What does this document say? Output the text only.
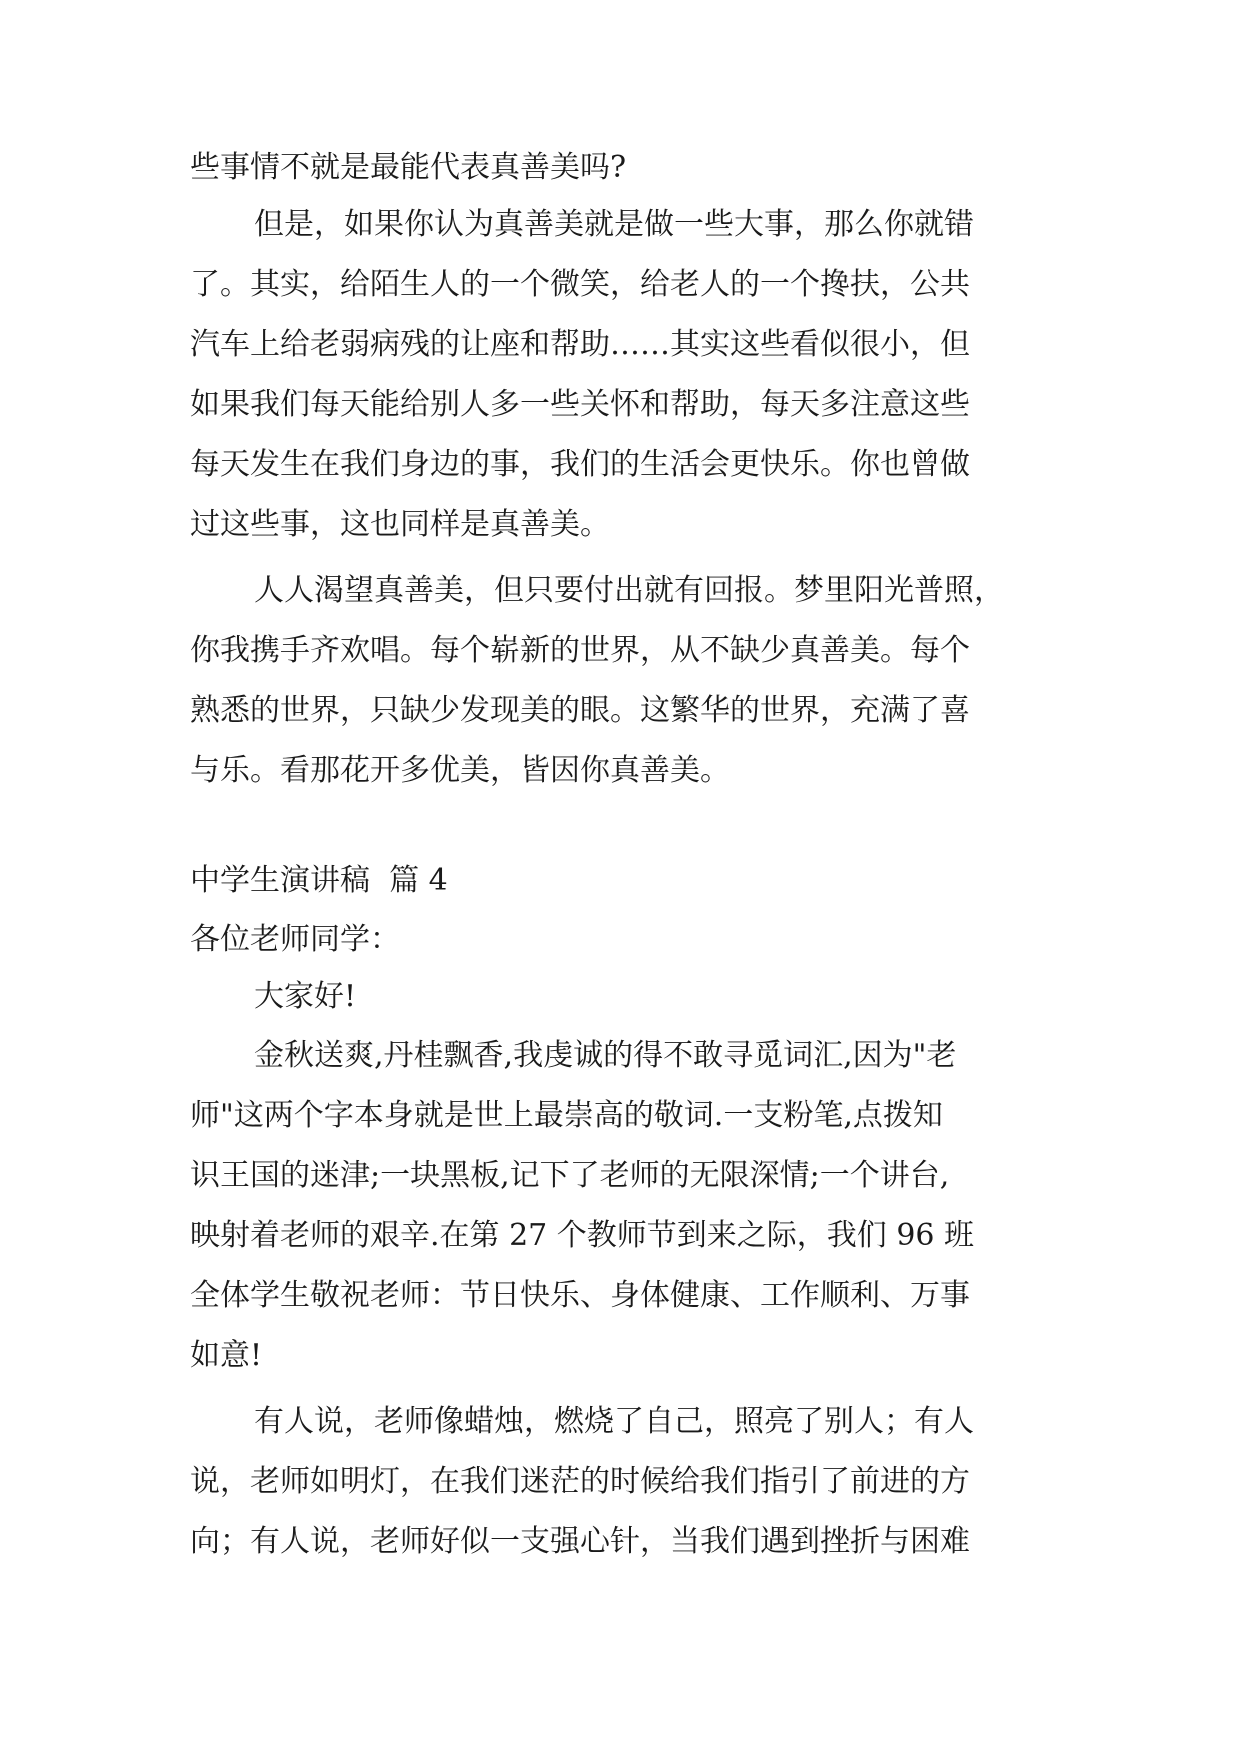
些事情不就是最能代表真善美吗?

但是，如果你认为真善美就是做一些大事，那么你就错
了。其实，给陌生人的一个微笑，给老人的一个搀扶，公共
汽车上给老弱病残的让座和帮助……其实这些看似很小，但
如果我们每天能给别人多一些关怀和帮助，每天多注意这些
每天发生在我们身边的事，我们的生活会更快乐。你也曾做
过这些事，这也同样是真善美。

人人渴望真善美，但只要付出就有回报。梦里阳光普照，
你我携手齐欢唱。每个崭新的世界，从不缺少真善美。每个
熟悉的世界，只缺少发现美的眼。这繁华的世界，充满了喜
与乐。看那花开多优美，皆因你真善美。

中学生演讲稿  篇 4

各位老师同学：

大家好!

金秋送爽,丹桂飘香,我虔诚的得不敢寻觅词汇,因为"老
师"这两个字本身就是世上最崇高的敬词.一支粉笔,点拨知
识王国的迷津;一块黑板,记下了老师的无限深情;一个讲台,
映射着老师的艰辛.在第 27 个教师节到来之际，我们 96 班
全体学生敬祝老师：节日快乐、身体健康、工作顺利、万事
如意!

有人说，老师像蜡烛，燃烧了自己，照亮了别人；有人
说，老师如明灯，在我们迷茫的时候给我们指引了前进的方
向；有人说，老师好似一支强心针，当我们遇到挫折与困难
